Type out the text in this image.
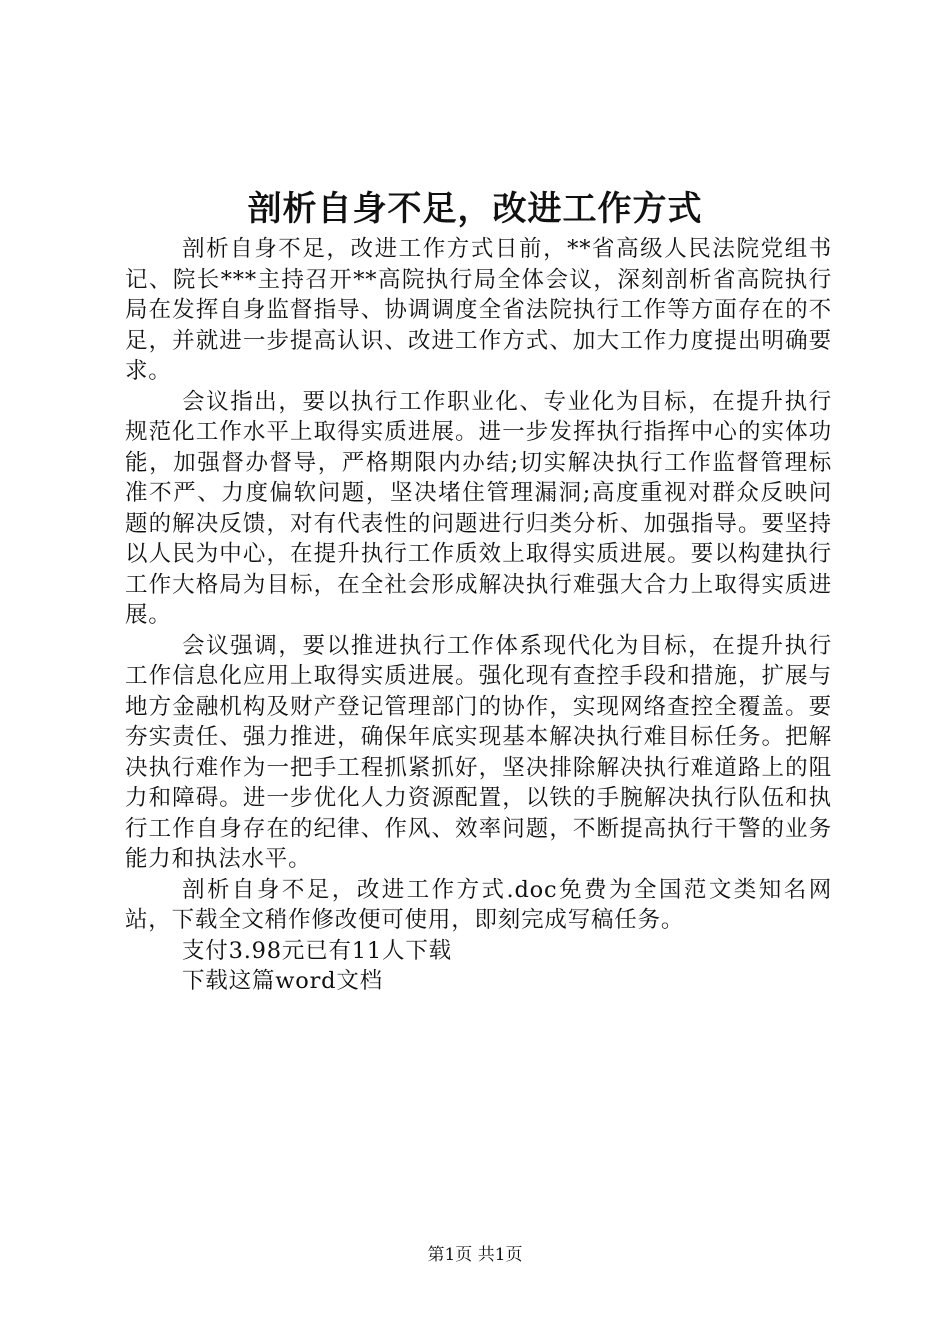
剖析自身不足，改进工作方式

剖析自身不足，改进工作方式日前，**省高级人民法院党组书记、院长***主持召开**高院执行局全体会议，深刻剖析省高院执行局在发挥自身监督指导、协调调度全省法院执行工作等方面存在的不足，并就进一步提高认识、改进工作方式、加大工作力度提出明确要求。

会议指出，要以执行工作职业化、专业化为目标，在提升执行规范化工作水平上取得实质进展。进一步发挥执行指挥中心的实体功能，加强督办督导，严格期限内办结;切实解决执行工作监督管理标准不严、力度偏软问题，坚决堵住管理漏洞;高度重视对群众反映问题的解决反馈，对有代表性的问题进行归类分析、加强指导。要坚持以人民为中心，在提升执行工作质效上取得实质进展。要以构建执行工作大格局为目标，在全社会形成解决执行难强大合力上取得实质进展。

会议强调，要以推进执行工作体系现代化为目标，在提升执行工作信息化应用上取得实质进展。强化现有查控手段和措施，扩展与地方金融机构及财产登记管理部门的协作，实现网络查控全覆盖。要夯实责任、强力推进，确保年底实现基本解决执行难目标任务。把解决执行难作为一把手工程抓紧抓好，坚决排除解决执行难道路上的阻力和障碍。进一步优化人力资源配置，以铁的手腕解决执行队伍和执行工作自身存在的纪律、作风、效率问题，不断提高执行干警的业务能力和执法水平。

剖析自身不足，改进工作方式.doc免费为全国范文类知名网站，下载全文稍作修改便可使用，即刻完成写稿任务。

支付3.98元已有11人下载

下载这篇word文档

第1页 共1页
